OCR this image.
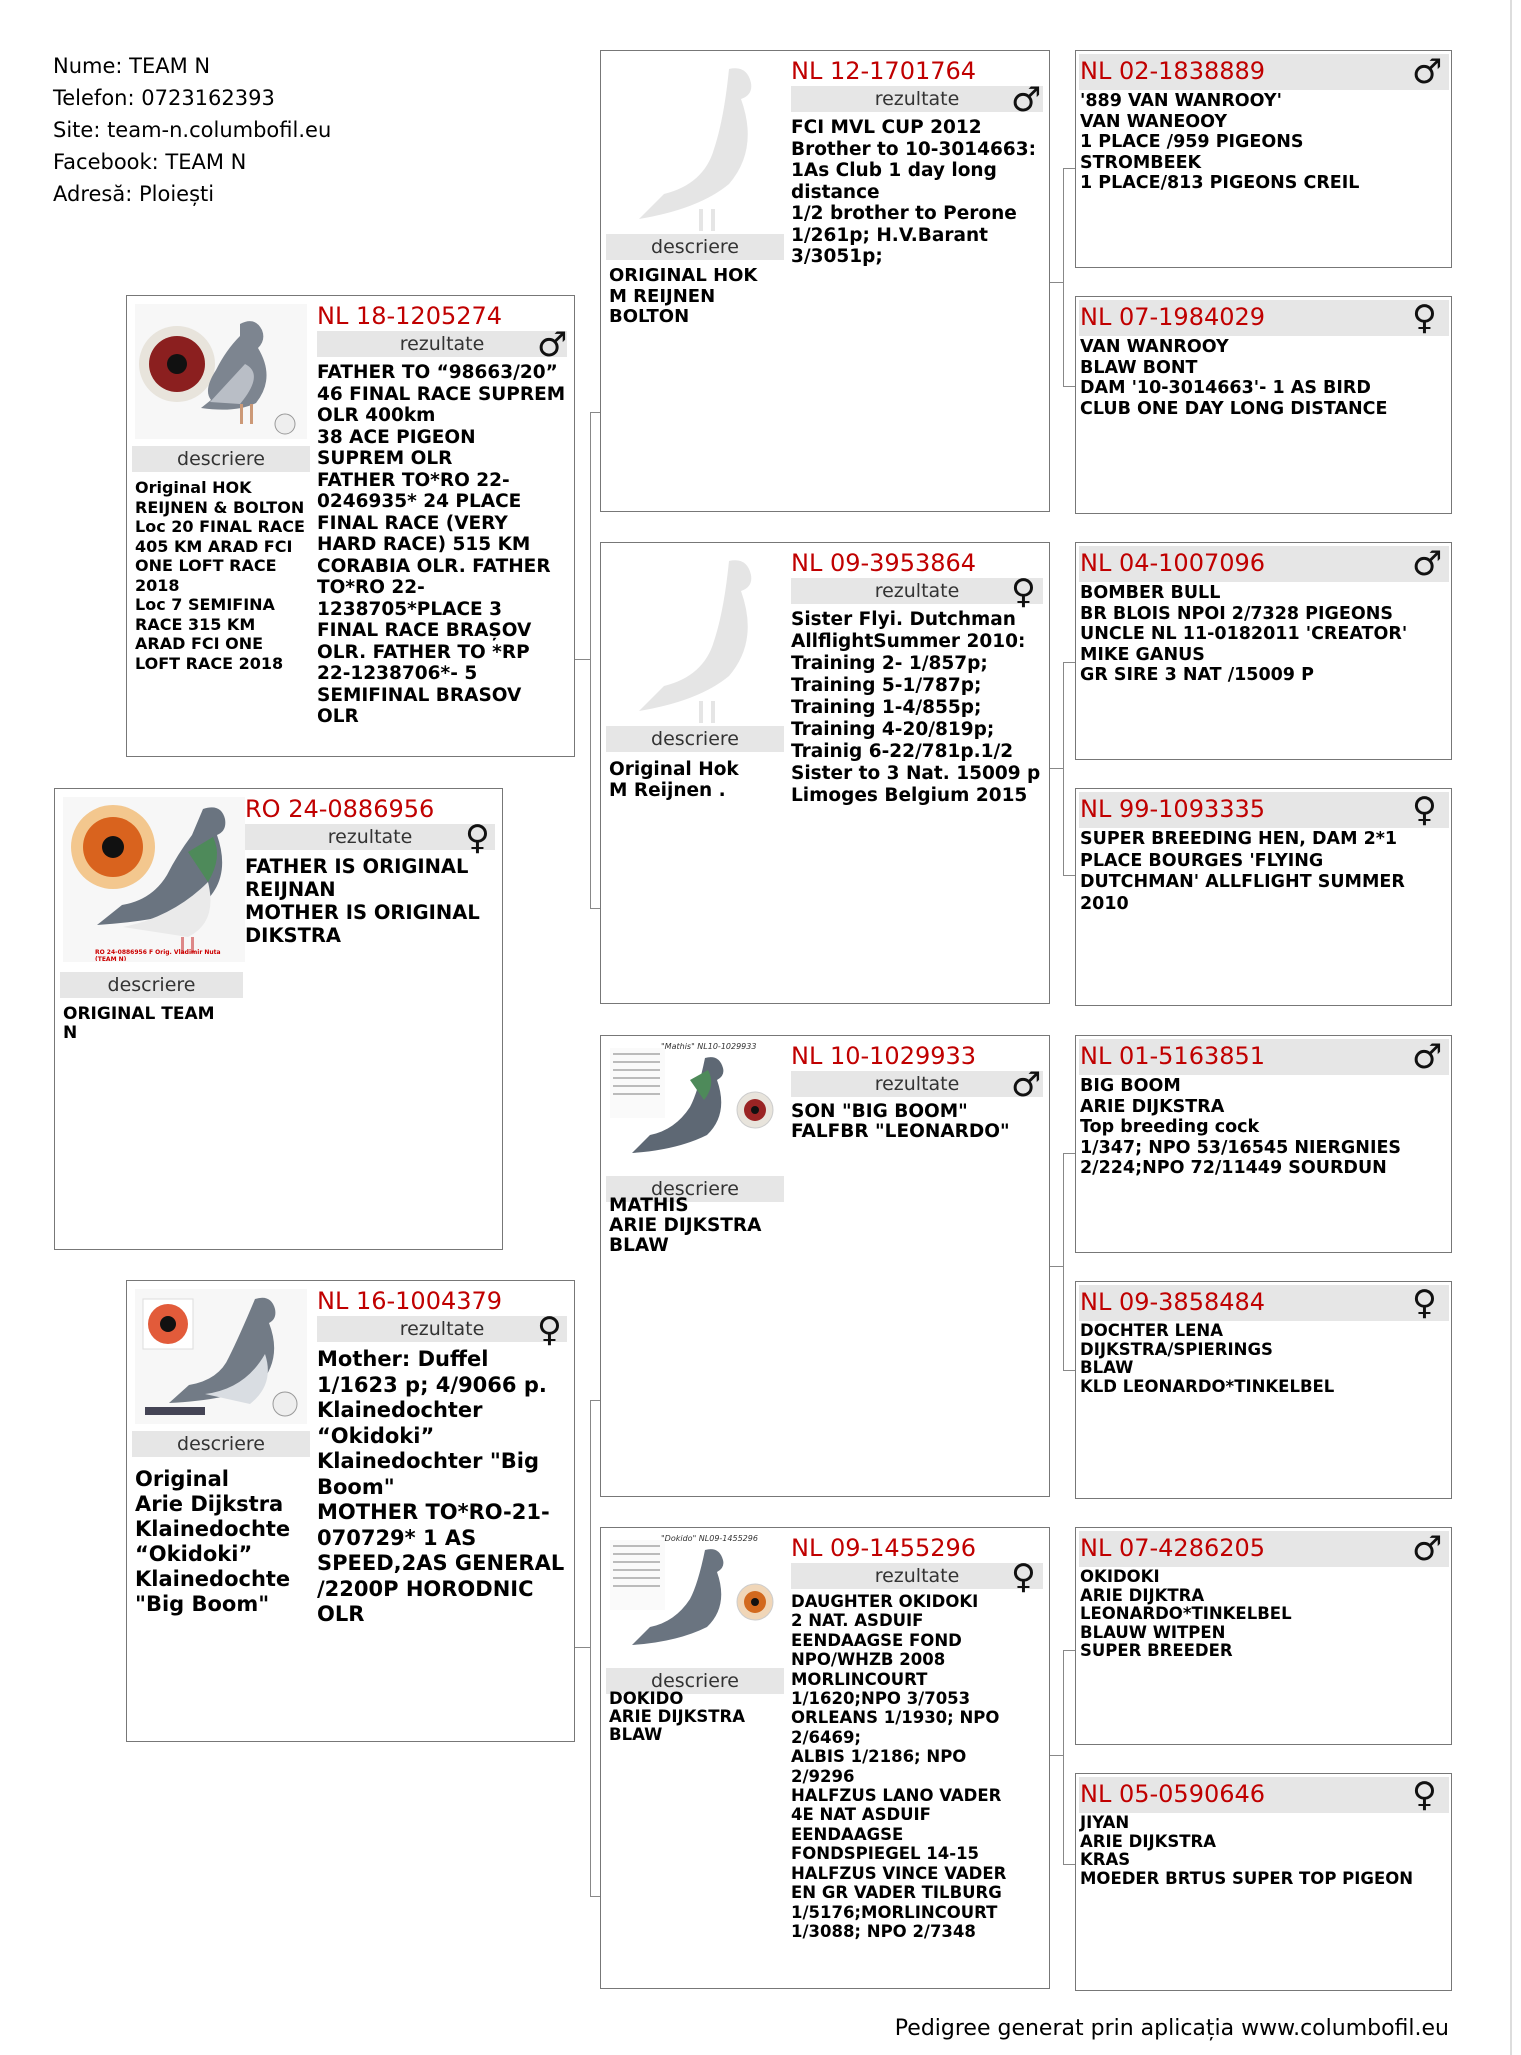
Nume: TEAM N
Telefon: 0723162393
Site: team-n.columbofil.eu
Facebook: TEAM N
Adresă: Ploiești
descriere
Original HOK REIJNEN & BOLTON
Loc 20 FINAL RACE 405 KM ARAD FCI ONE LOFT RACE 2018
Loc 7 SEMIFINA RACE 315 KM ARAD FCI ONE LOFT RACE 2018
NL 18-1205274
rezultate	♂
FATHER TO “98663/20” 46 FINAL RACE SUPREM OLR 400km
38 ACE PIGEON SUPREM OLR
FATHER TO*RO 22-0246935* 24 PLACE FINAL RACE (VERY HARD RACE) 515 KM CORABIA OLR. FATHER TO*RO 22-1238705*PLACE 3 FINAL RACE BRAȘOV OLR. FATHER TO *RP 22-1238706*- 5 SEMIFINAL BRASOV OLR
RO 24-0886956 F Orig. Vladimir Nuta (TEAM N)
descriere
ORIGINAL TEAM N
RO 24-0886956
rezultate	♀
FATHER IS ORIGINAL REIJNAN
MOTHER IS ORIGINAL DIKSTRA
descriere
Original
Arie Dijkstra
Klainedochte “Okidoki”
Klainedochte "Big Boom"
NL 16-1004379
rezultate	♀
Mother: Duffel 1/1623 p; 4/9066 p.
Klainedochter “Okidoki”
Klainedochter "Big Boom"
MOTHER TO*RO-21-070729* 1 AS SPEED,2AS GENERAL /2200P HORODNIC OLR
descriere
ORIGINAL HOK
M REIJNEN
BOLTON
NL 12-1701764
rezultate	♂
FCI MVL CUP 2012 Brother to 10-3014663: 1As Club 1 day long distance
1/2 brother to Perone 1/261p; H.V.Barant 3/3051p;
descriere
Original Hok
M Reijnen .
NL 09-3953864
rezultate	♀
Sister Flyi. Dutchman AllflightSummer 2010:
Training 2- 1/857p;
Training 5-1/787p;
Training 1-4/855p;
Training 4-20/819p;
Trainig 6-22/781p.1/2 Sister to 3 Nat. 15009 p Limoges Belgium 2015
"Mathis" NL10-1029933
descriere
MATHIS
ARIE DIJKSTRA
BLAW
NL 10-1029933
rezultate	♂
SON "BIG BOOM"
FALFBR "LEONARDO"
"Dokido" NL09-1455296
descriere
DOKIDO
ARIE DIJKSTRA
BLAW
NL 09-1455296
rezultate	♀
DAUGHTER OKIDOKI
2 NAT. ASDUIF
EENDAAGSE FOND
NPO/WHZB 2008
MORLINCOURT
1/1620;NPO 3/7053
ORLEANS 1/1930; NPO
2/6469;
ALBIS 1/2186; NPO
2/9296
HALFZUS LANO VADER
4E NAT ASDUIF
EENDAAGSE
FONDSPIEGEL 14-15
HALFZUS VINCE VADER
EN GR VADER TILBURG
1/5176;MORLINCOURT
1/3088; NPO 2/7348
NL 02-1838889	♂
'889 VAN WANROOY'
VAN WANEOOY
1 PLACE /959 PIGEONS
STROMBEEK
1 PLACE/813 PIGEONS CREIL
NL 07-1984029	♀
VAN WANROOY
BLAW BONT
DAM '10-3014663'- 1 AS BIRD
CLUB ONE DAY LONG DISTANCE
NL 04-1007096	♂
BOMBER BULL
BR BLOIS NPOI 2/7328 PIGEONS
UNCLE NL 11-0182011 'CREATOR'
MIKE GANUS
GR SIRE 3 NAT /15009 P
NL 99-1093335	♀
SUPER BREEDING HEN, DAM 2*1 PLACE BOURGES 'FLYING DUTCHMAN' ALLFLIGHT SUMMER 2010
NL 01-5163851	♂
BIG BOOM
ARIE DIJKSTRA
Top breeding cock
1/347; NPO 53/16545 NIERGNIES
2/224;NPO 72/11449 SOURDUN
NL 09-3858484	♀
DOCHTER LENA
DIJKSTRA/SPIERINGS
BLAW
KLD LEONARDO*TINKELBEL
NL 07-4286205	♂
OKIDOKI
ARIE DIJKTRA
LEONARDO*TINKELBEL
BLAUW WITPEN
SUPER BREEDER
NL 05-0590646	♀
JIYAN
ARIE DIJKSTRA
KRAS
MOEDER BRTUS SUPER TOP PIGEON
Pedigree generat prin aplicația www.columbofil.eu
